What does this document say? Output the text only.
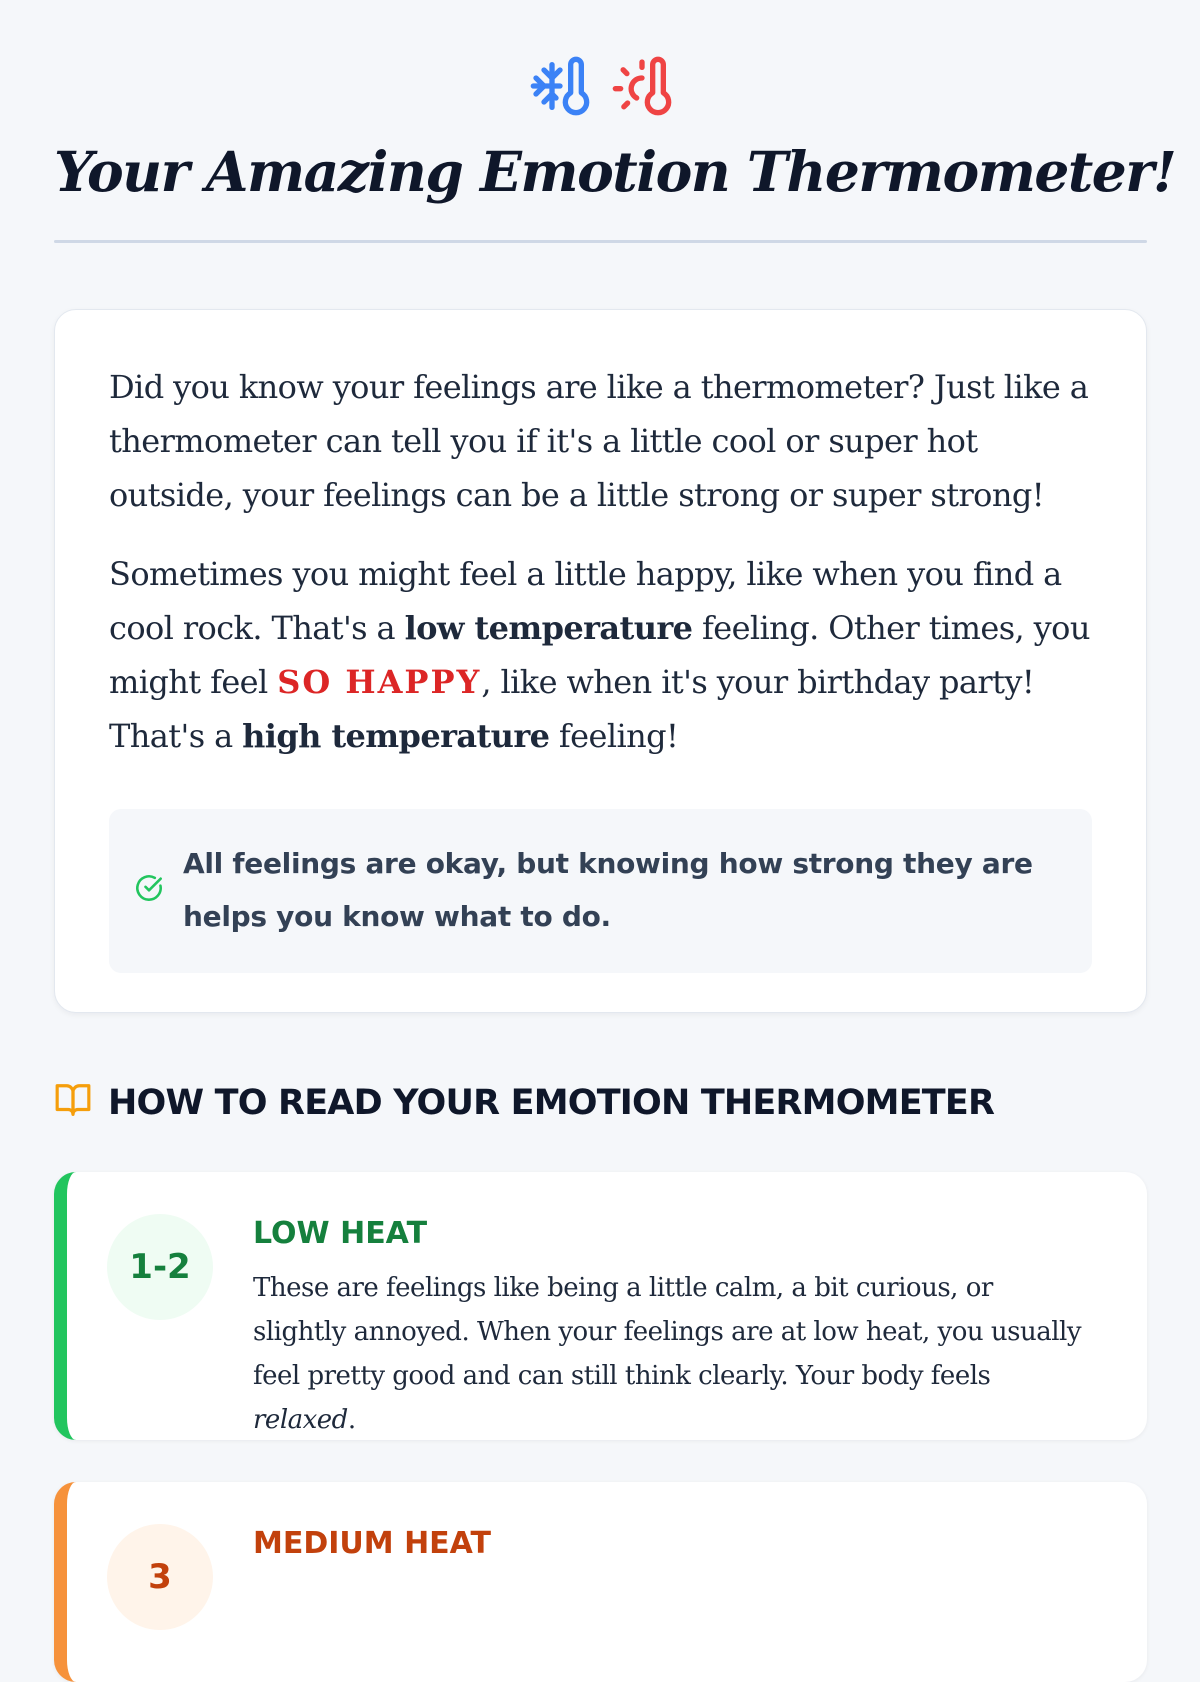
Your Amazing Emotion Thermometer!

Did you know your feelings are like a thermometer? Just like a thermometer can tell you if it's a little cool or super hot outside, your feelings can be a little strong or super strong!

Sometimes you might feel a little happy, like when you find a cool rock. That's a low temperature feeling. Other times, you might feel SO HAPPY, like when it's your birthday party! That's a high temperature feeling!

All feelings are okay, but knowing how strong they are helps you know what to do.
HOW TO READ YOUR EMOTION THERMOMETER
1-2
LOW HEAT

These are feelings like being a little calm, a bit curious, or slightly annoyed. When your feelings are at low heat, you usually feel pretty good and can still think clearly. Your body feels relaxed.

3
MEDIUM HEAT
